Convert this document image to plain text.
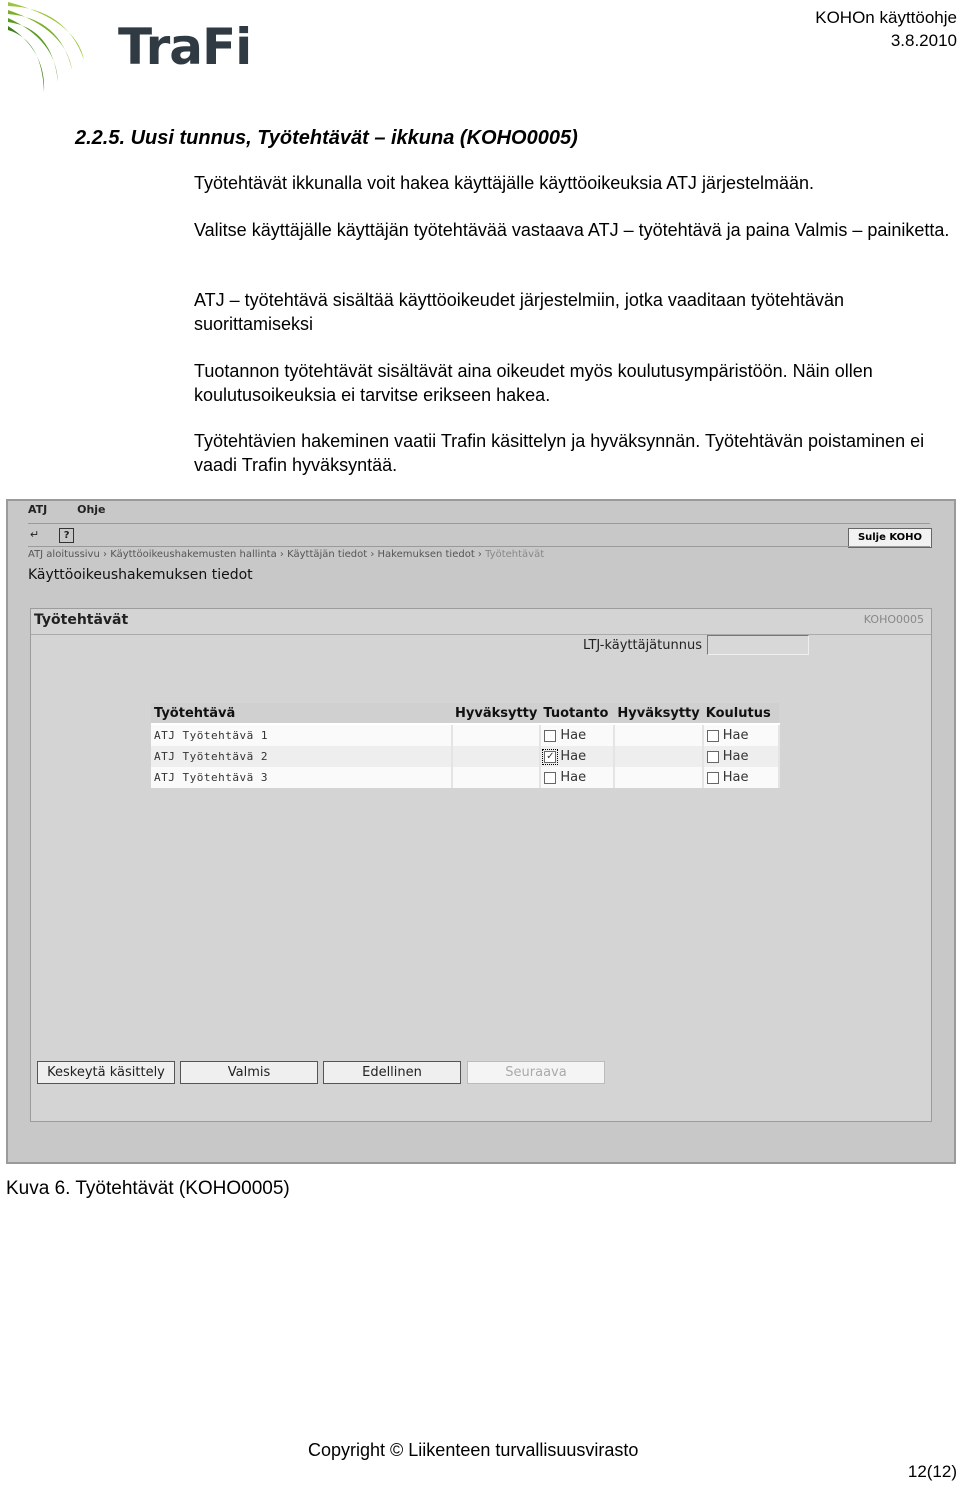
TraFi
KOHOn käyttöohje
3.8.2010
2.2.5. Uusi tunnus, Työtehtävät – ikkuna (KOHO0005)
Työtehtävät ikkunalla voit hakea käyttäjälle käyttöoikeuksia ATJ järjestelmään.
Valitse käyttäjälle käyttäjän työtehtävää vastaava ATJ – työtehtävä ja paina Valmis – painiketta.
ATJ – työtehtävä sisältää käyttöoikeudet järjestelmiin, jotka vaaditaan työtehtävän suorittamiseksi
Tuotannon työtehtävät sisältävät aina oikeudet myös koulutusympäristöön. Näin ollen koulutusoikeuksia ei tarvitse erikseen hakea.
Työtehtävien hakeminen vaatii Trafin käsittelyn ja hyväksynnän. Työtehtävän poistaminen ei vaadi Trafin hyväksyntää.
ATJ	Ohje
↵ ?	Sulje KOHO
ATJ aloitussivu › Käyttöoikeushakemusten hallinta › Käyttäjän tiedot › Hakemuksen tiedot › Työtehtävät
Käyttöoikeushakemuksen tiedot
Työtehtävät	KOHO0005
LTJ-käyttäjätunnus
Työtehtävä	Hyväksytty	Tuotanto	Hyväksytty	Koulutus
ATJ Työtehtävä 1		Hae		Hae
ATJ Työtehtävä 2		✓ Hae		Hae
ATJ Työtehtävä 3		Hae		Hae
Keskeytä käsittely	Valmis	Edellinen	Seuraava
Kuva 6. Työtehtävät (KOHO0005)
Copyright © Liikenteen turvallisuusvirasto
12(12)
